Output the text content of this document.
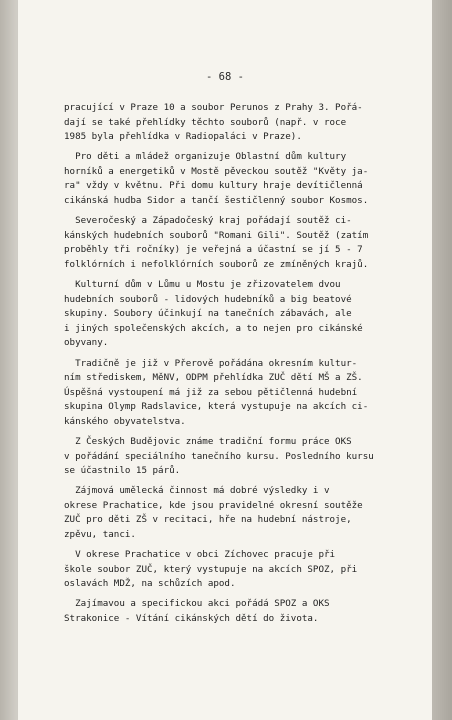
- 68 -
pracující v Praze 10 a soubor Perunos z Prahy 3. Pořá-
dají se také přehlídky těchto souborů (např. v roce
1985 byla přehlídka v Radiopaláci v Praze).
Pro děti a mládež organizuje Oblastní dům kultury
horníků a energetiků v Mostě pěveckou soutěž "Květy ja-
ra" vždy v květnu. Při domu kultury hraje devítičlenná
cikánská hudba Sidor a tančí šestičlenný soubor Kosmos.
Severočeský a Západočeský kraj pořádají soutěž ci-
kánských hudebních souborů "Romani Gili". Soutěž (zatím
proběhly tři ročníky) je veřejná a účastní se jí 5 - 7
folklórních i nefolklórních souborů ze zmíněných krajů.
Kulturní dům v Lůmu u Mostu je zřizovatelem dvou
hudebních souborů - lidových hudebníků a big beatové
skupiny. Soubory účinkují na tanečních zábavách, ale
i jiných společenských akcích, a to nejen pro cikánské
obyvany.
Tradičně je již v Přerově pořádána okresním kultur-
ním střediskem, MěNV, ODPM přehlídka ZUČ dětí MŠ a ZŠ.
Úspěšná vystoupení má již za sebou pětičlenná hudební
skupina Olymp Radslavice, která vystupuje na akcích ci-
kánského obyvatelstva.
Z Českých Budějovic známe tradiční formu práce OKS
v pořádání speciálního tanečního kursu. Posledního kursu
se účastnilo 15 párů.
Zájmová umělecká činnost má dobré výsledky i v
okrese Prachatice, kde jsou pravidelné okresní soutěže
ZUČ pro děti ZŠ v recitaci, hře na hudební nástroje,
zpěvu, tanci.
V okrese Prachatice v obci Zíchovec pracuje při
škole soubor ZUČ, který vystupuje na akcích SPOZ, při
oslavách MDŽ, na schůzích apod.
Zajímavou a specifickou akci pořádá SPOZ a OKS
Strakonice - Vítání cikánských dětí do života.
